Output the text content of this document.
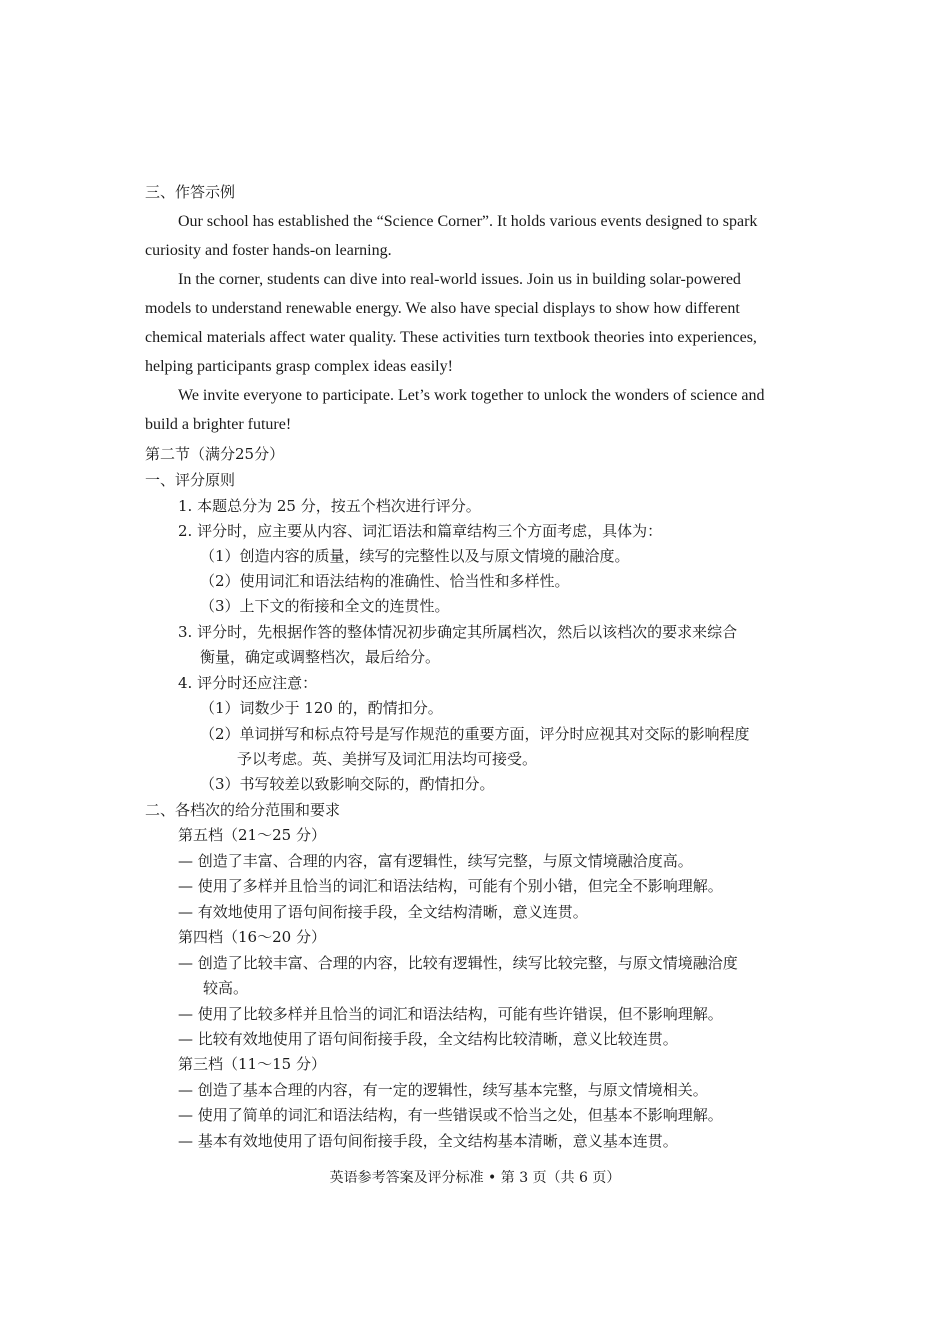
三、作答示例
Our school has established the “Science Corner”. It holds various events designed to spark
curiosity and foster hands-on learning.
In the corner, students can dive into real-world issues. Join us in building solar-powered
models to understand renewable energy. We also have special displays to show how different
chemical materials affect water quality. These activities turn textbook theories into experiences,
helping participants grasp complex ideas easily!
We invite everyone to participate. Let’s work together to unlock the wonders of science and
build a brighter future!
第二节（满分25分）
一、评分原则
1. 本题总分为 25 分，按五个档次进行评分。
2. 评分时，应主要从内容、词汇语法和篇章结构三个方面考虑，具体为：
（1）创造内容的质量，续写的完整性以及与原文情境的融洽度。
（2）使用词汇和语法结构的准确性、恰当性和多样性。
（3）上下文的衔接和全文的连贯性。
3. 评分时，先根据作答的整体情况初步确定其所属档次，然后以该档次的要求来综合
衡量，确定或调整档次，最后给分。
4. 评分时还应注意：
（1）词数少于 120 的，酌情扣分。
（2）单词拼写和标点符号是写作规范的重要方面，评分时应视其对交际的影响程度
予以考虑。英、美拼写及词汇用法均可接受。
（3）书写较差以致影响交际的，酌情扣分。
二、各档次的给分范围和要求
第五档（21～25 分）
— 创造了丰富、合理的内容，富有逻辑性，续写完整，与原文情境融洽度高。
— 使用了多样并且恰当的词汇和语法结构，可能有个别小错，但完全不影响理解。
— 有效地使用了语句间衔接手段，全文结构清晰，意义连贯。
第四档（16～20 分）
— 创造了比较丰富、合理的内容，比较有逻辑性，续写比较完整，与原文情境融洽度
较高。
— 使用了比较多样并且恰当的词汇和语法结构，可能有些许错误，但不影响理解。
— 比较有效地使用了语句间衔接手段，全文结构比较清晰，意义比较连贯。
第三档（11～15 分）
— 创造了基本合理的内容，有一定的逻辑性，续写基本完整，与原文情境相关。
— 使用了简单的词汇和语法结构，有一些错误或不恰当之处，但基本不影响理解。
— 基本有效地使用了语句间衔接手段，全文结构基本清晰，意义基本连贯。
英语参考答案及评分标准 • 第 3 页（共 6 页）
